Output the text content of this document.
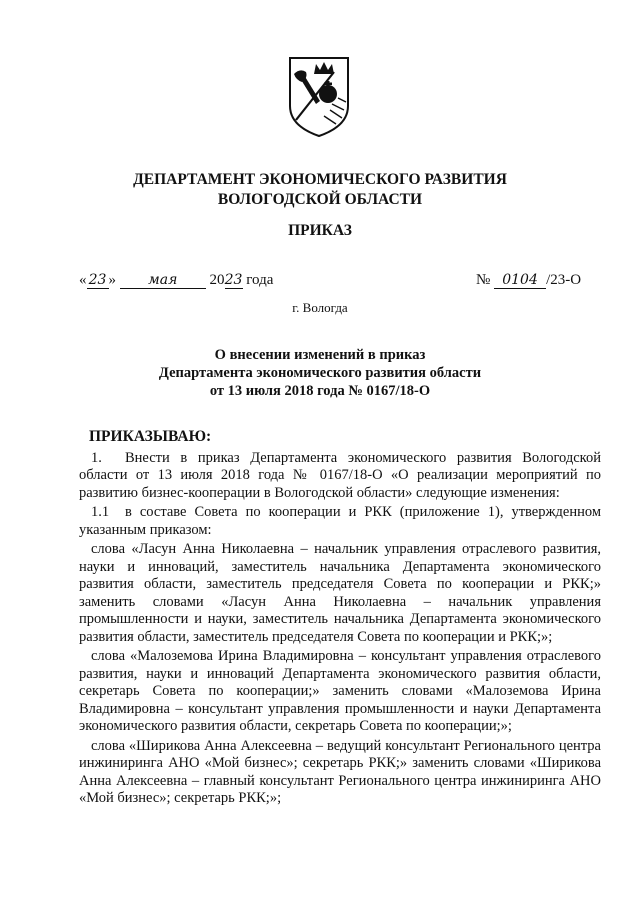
ДЕПАРТАМЕНТ ЭКОНОМИЧЕСКОГО РАЗВИТИЯ
ВОЛОГОДСКОЙ ОБЛАСТИ
ПРИКАЗ
« 23 » мая 2023 года	№ 0104 /23-О
г. Вологда
О внесении изменений в приказ
Департамента экономического развития области
от 13 июля 2018 года № 0167/18-О
ПРИКАЗЫВАЮ:

1. Внести в приказ Департамента экономического развития Вологодской области от 13 июля 2018 года № 0167/18-О «О реализации мероприятий по развитию бизнес-кооперации в Вологодской области» следующие изменения:

1.1 в составе Совета по кооперации и РКК (приложение 1), утвержденном указанным приказом:

слова «Ласун Анна Николаевна – начальник управления отраслевого развития, науки и инноваций, заместитель начальника Департамента экономического развития области, заместитель председателя Совета по кооперации и РКК;» заменить словами «Ласун Анна Николаевна – начальник управления промышленности и науки, заместитель начальника Департамента экономического развития области, заместитель председателя Совета по кооперации и РКК;»;

слова «Малоземова Ирина Владимировна – консультант управления отраслевого развития, науки и инноваций Департамента экономического развития области, секретарь Совета по кооперации;» заменить словами «Малоземова Ирина Владимировна – консультант управления промышленности и науки Департамента экономического развития области, секретарь Совета по кооперации;»;

слова «Ширикова Анна Алексеевна – ведущий консультант Регионального центра инжиниринга АНО «Мой бизнес»; секретарь РКК;» заменить словами «Ширикова Анна Алексеевна – главный консультант Регионального центра инжиниринга АНО «Мой бизнес»; секретарь РКК;»;
